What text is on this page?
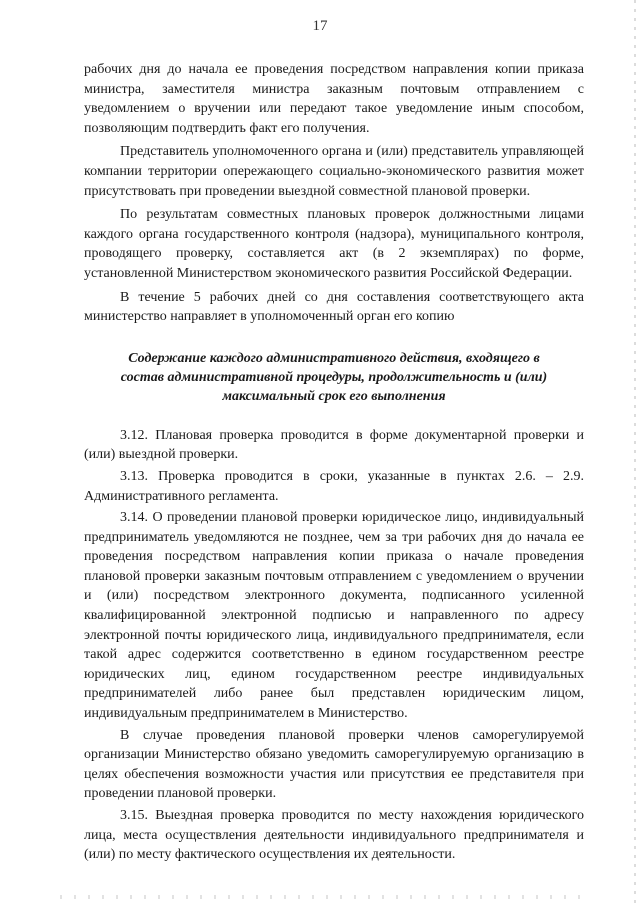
17

рабочих дня до начала ее проведения посредством направления копии приказа министра, заместителя министра заказным почтовым отправлением с уведомлением о вручении или передают такое уведомление иным способом, позволяющим подтвердить факт его получения.

Представитель уполномоченного органа и (или) представитель управляющей компании территории опережающего социально-экономического развития может присутствовать при проведении выездной совместной плановой проверки.

По результатам совместных плановых проверок должностными лицами каждого органа государственного контроля (надзора), муниципального контроля, проводящего проверку, составляется акт (в 2 экземплярах) по форме, установленной Министерством экономического развития Российской Федерации.

В течение 5 рабочих дней со дня составления соответствующего акта министерство направляет в уполномоченный орган его копию

Содержание каждого административного действия, входящего в
состав административной процедуры, продолжительность и (или)
максимальный срок его выполнения

3.12. Плановая проверка проводится в форме документарной проверки и (или) выездной проверки.

3.13. Проверка проводится в сроки, указанные в пунктах 2.6. – 2.9. Административного регламента.

3.14. О проведении плановой проверки юридическое лицо, индивидуальный предприниматель уведомляются не позднее, чем за три рабочих дня до начала ее проведения посредством направления копии приказа о начале проведения плановой проверки заказным почтовым отправлением с уведомлением о вручении и (или) посредством электронного документа, подписанного усиленной квалифицированной электронной подписью и направленного по адресу электронной почты юридического лица, индивидуального предпринимателя, если такой адрес содержится соответственно в едином государственном реестре юридических лиц, едином государственном реестре индивидуальных предпринимателей либо ранее был представлен юридическим лицом, индивидуальным предпринимателем в Министерство.

В случае проведения плановой проверки членов саморегулируемой организации Министерство обязано уведомить саморегулируемую организацию в целях обеспечения возможности участия или присутствия ее представителя при проведении плановой проверки.

3.15. Выездная проверка проводится по месту нахождения юридического лица, места осуществления деятельности индивидуального предпринимателя и (или) по месту фактического осуществления их деятельности.
